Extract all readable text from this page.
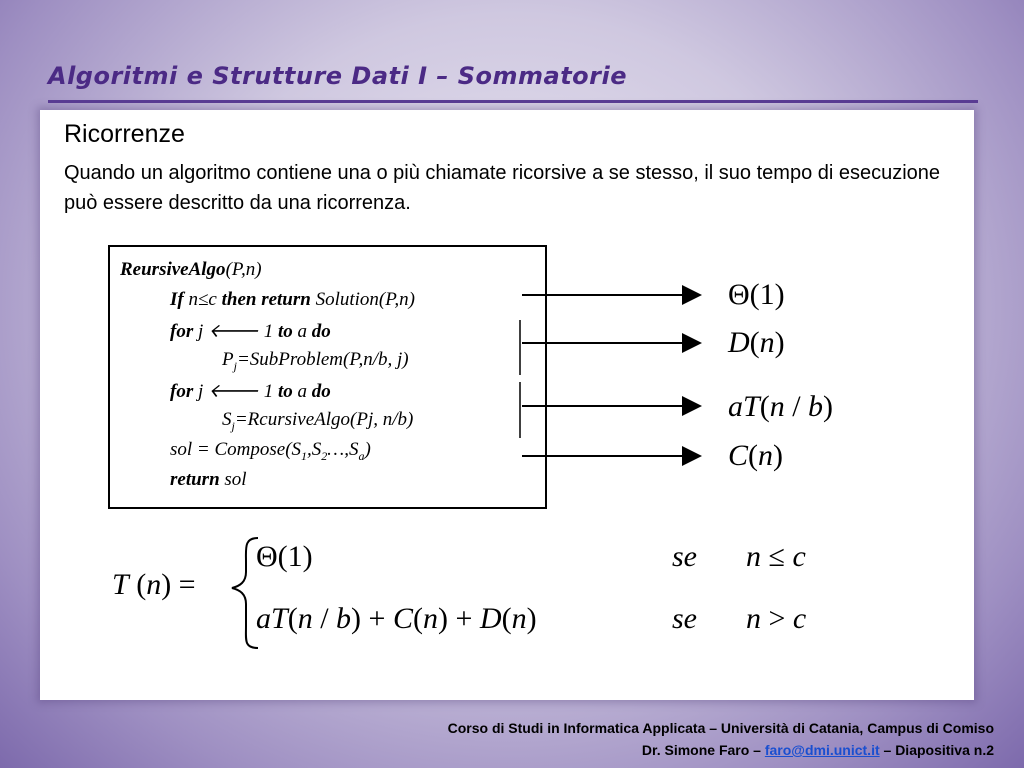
Algoritmi e Strutture Dati I – Sommatorie
Ricorrenze
Quando un algoritmo contiene una o più chiamate ricorsive a se stesso, il suo tempo di esecuzione può essere descritto da una ricorrenza.
ReursiveAlgo(P,n)
If n≤c then return Solution(P,n)
for j 🡐 1 to a do
$P_j=SubProblem(P,n/b$, j)
for j 🡐 1 to a do
$S_j=RcursiveAlgo(Pj$, n/b)
sol = $Compose(S_1,S_2\dots,S_a)$
return sol
Θ(1)
D(n)
aT(n / b)
C(n)
T (n) =
Θ(1)	se n ≤ c
aT(n / b) + C(n) + D(n)	se n > c
Corso di Studi in Informatica Applicata – Università di Catania, Campus di Comiso
Dr. Simone Faro – faro@dmi.unict.it – Diapositiva n.2
